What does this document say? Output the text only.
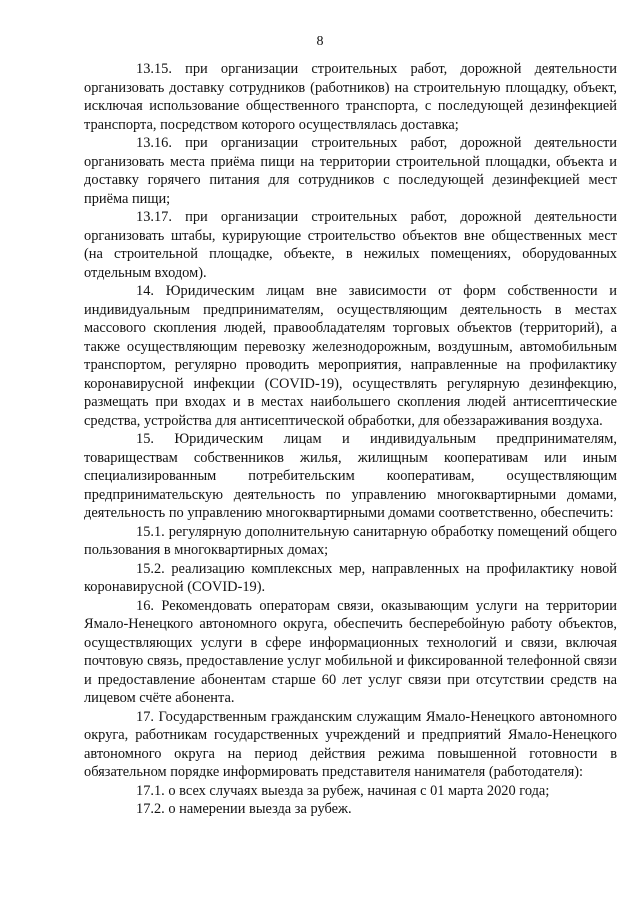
8

13.15. при организации строительных работ, дорожной деятельности организовать доставку сотрудников (работников) на строительную площадку, объект, исключая использование общественного транспорта, с последующей дезинфекцией транспорта, посредством которого осуществлялась доставка;

13.16. при организации строительных работ, дорожной деятельности организовать места приёма пищи на территории строительной площадки, объекта и доставку горячего питания для сотрудников с последующей дезинфекцией мест приёма пищи;

13.17. при организации строительных работ, дорожной деятельности организовать штабы, курирующие строительство объектов вне общественных мест (на строительной площадке, объекте, в нежилых помещениях, оборудованных отдельным входом).

14. Юридическим лицам вне зависимости от форм собственности и индивидуальным предпринимателям, осуществляющим деятельность в местах массового скопления людей, правообладателям торговых объектов (территорий), а также осуществляющим перевозку железнодорожным, воздушным, автомобильным транспортом, регулярно проводить мероприятия, направленные на профилактику коронавирусной инфекции (COVID-19), осуществлять регулярную дезинфекцию, размещать при входах и в местах наибольшего скопления людей антисептические средства, устройства для антисептической обработки, для обеззараживания воздуха.

15. Юридическим лицам и индивидуальным предпринимателям, товариществам собственников жилья, жилищным кооперативам или иным специализированным потребительским кооперативам, осуществляющим предпринимательскую деятельность по управлению многоквартирными домами, деятельность по управлению многоквартирными домами соответственно, обеспечить:

15.1. регулярную дополнительную санитарную обработку помещений общего пользования в многоквартирных домах;

15.2. реализацию комплексных мер, направленных на профилактику новой коронавирусной (COVID-19).

16. Рекомендовать операторам связи, оказывающим услуги на территории Ямало-Ненецкого автономного округа, обеспечить бесперебойную работу объектов, осуществляющих услуги в сфере информационных технологий и связи, включая почтовую связь, предоставление услуг мобильной и фиксированной телефонной связи и предоставление абонентам старше 60 лет услуг связи при отсутствии средств на лицевом счёте абонента.

17. Государственным гражданским служащим Ямало-Ненецкого автономного округа, работникам государственных учреждений и предприятий Ямало-Ненецкого автономного округа на период действия режима повышенной готовности в обязательном порядке информировать представителя нанимателя (работодателя):

17.1. о всех случаях выезда за рубеж, начиная с 01 марта 2020 года;

17.2. о намерении выезда за рубеж.
